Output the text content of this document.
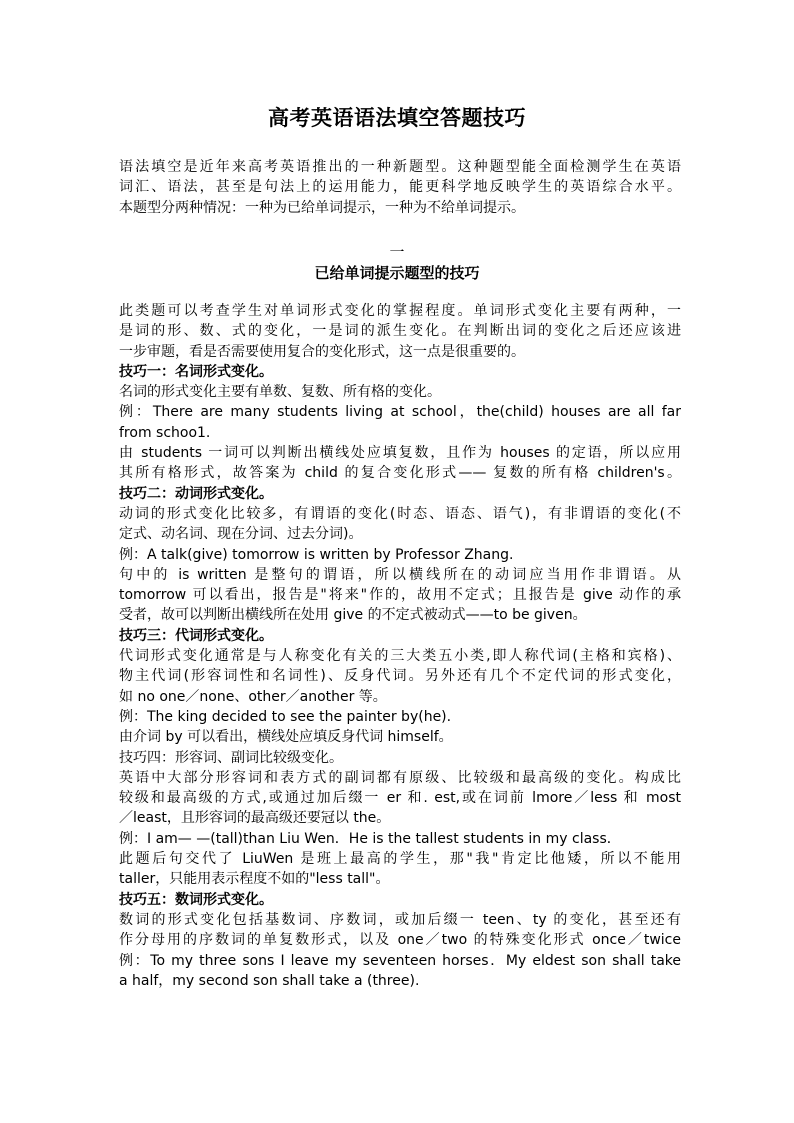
高考英语语法填空答题技巧
语法填空是近年来高考英语推出的一种新题型。这种题型能全面检测学生在英语
词汇、语法，甚至是句法上的运用能力，能更科学地反映学生的英语综合水平。
本题型分两种情况：一种为已给单词提示，一种为不给单词提示。
一
已给单词提示题型的技巧
此类题可以考查学生对单词形式变化的掌握程度。单词形式变化主要有两种，一
是词的形、数、式的变化，一是词的派生变化。在判断出词的变化之后还应该进
一步审题，看是否需要使用复合的变化形式，这一点是很重要的。
技巧一：名词形式变化。
名词的形式变化主要有单数、复数、所有格的变化。
例：There are many students living at school，the(child) houses are all far
from schoo1.
由 students 一词可以判断出横线处应填复数，且作为 houses 的定语，所以应用
其所有格形式，故答案为 child 的复合变化形式—— 复数的所有格 children's。
技巧二：动词形式变化。
动词的形式变化比较多，有谓语的变化(时态、语态、语气)，有非谓语的变化(不
定式、动名词、现在分词、过去分词)。
例：A talk(give) tomorrow is written by Professor Zhang.
句中的 is written 是整句的谓语，所以横线所在的动词应当用作非谓语。从
tomorrow 可以看出，报告是"将来"作的，故用不定式；且报告是 give 动作的承
受者，故可以判断出横线所在处用 give 的不定式被动式——to be given。
技巧三：代词形式变化。
代词形式变化通常是与人称变化有关的三大类五小类,即人称代词(主格和宾格)、
物主代词(形容词性和名词性)、反身代词。另外还有几个不定代词的形式变化，
如 no one／none、other／another 等。
例：The king decided to see the painter by(he).
由介词 by 可以看出，横线处应填反身代词 himself。
技巧四：形容词、副词比较级变化。
英语中大部分形容词和表方式的副词都有原级、比较级和最高级的变化。构成比
较级和最高级的方式,或通过加后缀一 er 和. est,或在词前 lmore／less 和 most
／least，且形容词的最高级还要冠以 the。
例：I am— —(tall)than Liu Wen．He is the tallest students in my class．
此题后句交代了 LiuWen 是班上最高的学生，那"我"肯定比他矮，所以不能用
taller，只能用表示程度不如的"less tall"。
技巧五：数词形式变化。
数词的形式变化包括基数词、序数词，或加后缀一 teen、ty 的变化，甚至还有
作分母用的序数词的单复数形式，以及 one／two 的特殊变化形式 once／twice
例：To my three sons I leave my seventeen horses．My eldest son shall take
a half，my second son shall take a (three).
